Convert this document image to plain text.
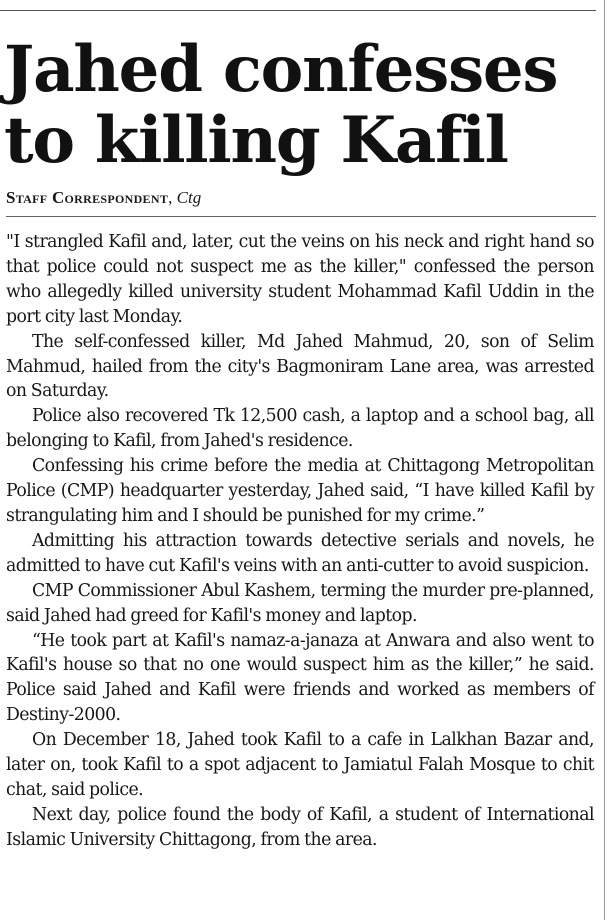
Jahed confesses to killing Kafil
Staff Correspondent, Ctg

"I strangled Kafil and, later, cut the veins on his neck and right hand so that police could not suspect me as the killer," confessed the person who allegedly killed university student Mohammad Kafil Uddin in the port city last Monday.

The self-confessed killer, Md Jahed Mahmud, 20, son of Selim Mahmud, hailed from the city's Bagmoniram Lane area, was arrested on Saturday.

Police also recovered Tk 12,500 cash, a laptop and a school bag, all belonging to Kafil, from Jahed's residence.

Confessing his crime before the media at Chittagong Metropolitan Police (CMP) headquarter yesterday, Jahed said, “I have killed Kafil by strangulating him and I should be punished for my crime.”

Admitting his attraction towards detective serials and novels, he admitted to have cut Kafil's veins with an anti-cutter to avoid suspicion.

CMP Commissioner Abul Kashem, terming the murder pre-planned, said Jahed had greed for Kafil's money and laptop.

“He took part at Kafil's namaz-a-janaza at Anwara and also went to Kafil's house so that no one would suspect him as the killer,” he said. Police said Jahed and Kafil were friends and worked as members of Destiny-2000.

On December 18, Jahed took Kafil to a cafe in Lalkhan Bazar and, later on, took Kafil to a spot adjacent to Jamiatul Falah Mosque to chit chat, said police.

Next day, police found the body of Kafil, a student of International Islamic University Chittagong, from the area.
